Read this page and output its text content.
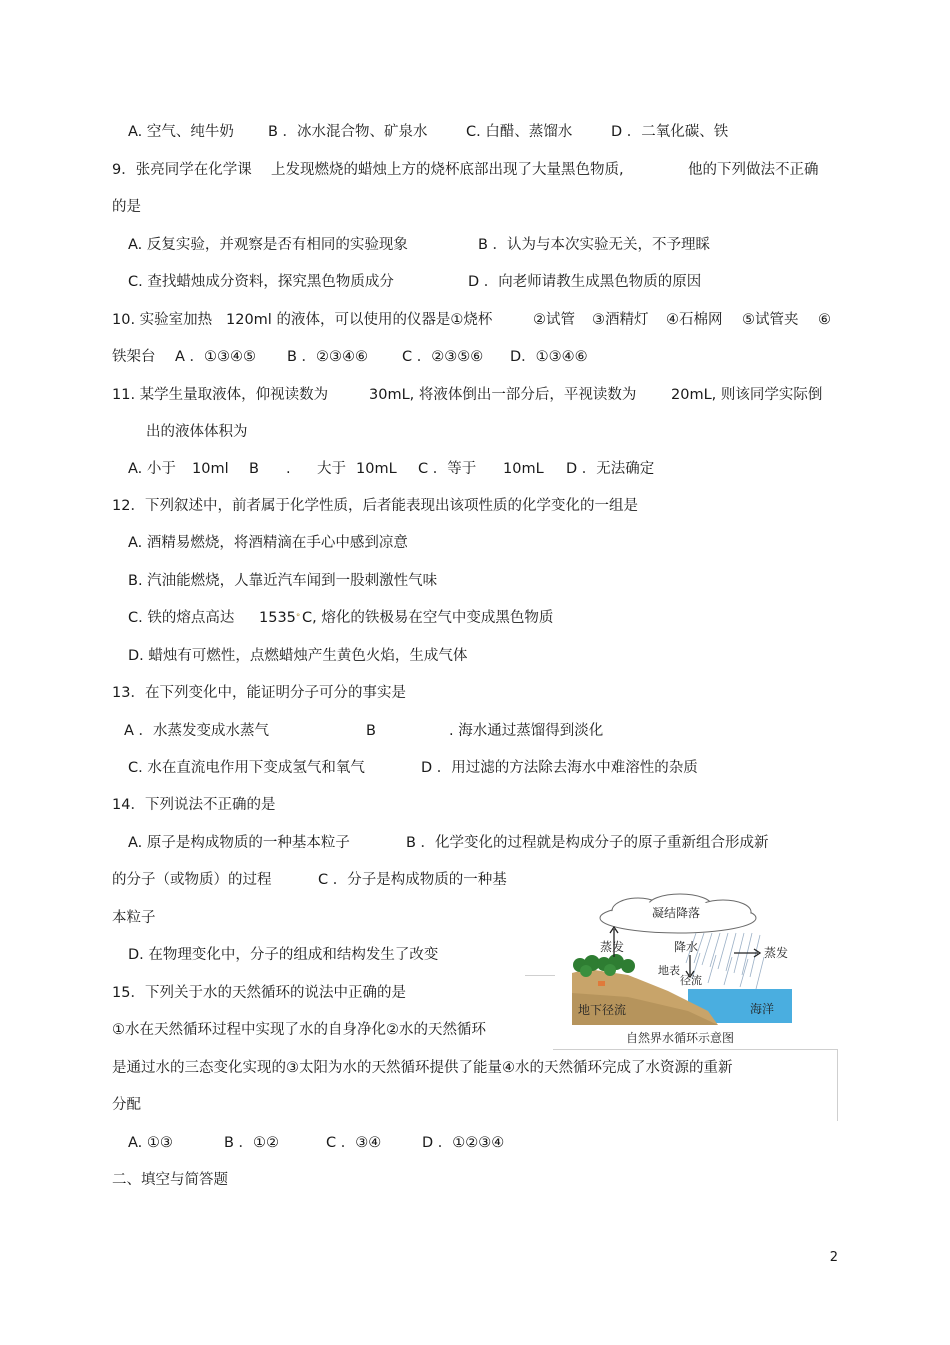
A. 空气、纯牛奶 B ．冰水混合物、矿泉水	C. 白醋、蒸馏水	D ．二氧化碳、铁
9．张亮同学在化学课 上发现燃烧的蜡烛上方的烧杯底部出现了大量黑色物质,	他的下列做法不正确
的是
A. 反复实验，并观察是否有相同的实验现象	B ．认为与本次实验无关，不予理睬
C. 查找蜡烛成分资料，探究黑色物质成分	D ．向老师请教生成黑色物质的原因
10. 实验室加热 120ml 的液体，可以使用的仪器是①烧杯	②试管 ③酒精灯 ④石棉网 ⑤试管夹 ⑥
铁架台 A ．①③④⑤ B ．②③④⑥ C ．②③⑤⑥ D．①③④⑥
11. 某学生量取液体，仰视读数为	30mL, 将液体倒出一部分后，平视读数为 20mL, 则该同学实际倒
出的液体体积为
A. 小于 10ml B . 大于 10mL C ．等于 10mL D ．无法确定
12．下列叙述中，前者属于化学性质，后者能表现出该项性质的化学变化的一组是
A. 酒精易燃烧，将酒精滴在手心中感到凉意
B. 汽油能燃烧，人靠近汽车闻到一股刺激性气味
C. 铁的熔点高达 1535° C, 熔化的铁极易在空气中变成黑色物质
D. 蜡烛有可燃性，点燃蜡烛产生黄色火焰，生成气体
13．在下列变化中，能证明分子可分的事实是
A ．水蒸发变成水蒸气	B	. 海水通过蒸馏得到淡化
C. 水在直流电作用下变成氢气和氧气	D ．用过滤的方法除去海水中难溶性的杂质
14．下列说法不正确的是
A. 原子是构成物质的一种基本粒子	B ．化学变化的过程就是构成分子的原子重新组合形成新
的分子（或物质）的过程	C ．分子是构成物质的一种基
本粒子
D. 在物理变化中，分子的组成和结构发生了改变
15．下列关于水的天然循环的说法中正确的是
①水在天然循环过程中实现了水的自身净化②水的天然循环
是通过水的三态变化实现的③太阳为水的天然循环提供了能量④水的天然循环完成了水资源的重新
分配
A. ①③	B ．①②	C ．③④	D ．①②③④
二、填空与简答题
凝结降落
蒸发	降水	蒸发
地表
径流
地下径流	海洋
自然界水循环示意图
2
